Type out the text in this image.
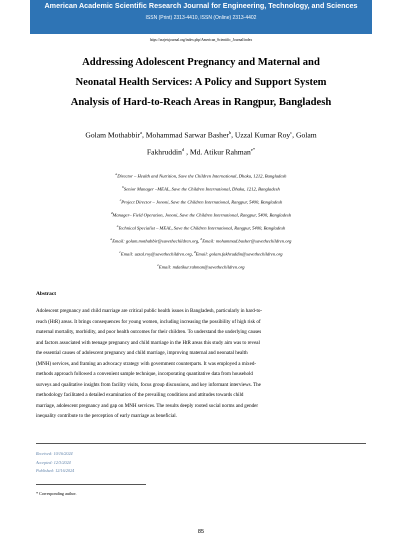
American Academic Scientific Research Journal for Engineering, Technology, and Sciences
ISSN (Print) 2313-4410, ISSN (Online) 2313-4402
https://asrjetsjournal.org/index.php/American_Scientific_Journal/index
Addressing Adolescent Pregnancy and Maternal and
Neonatal Health Services: A Policy and Support System
Analysis of Hard-to-Reach Areas in Rangpur, Bangladesh
Golam Mothabbir$^a$, Mohammad Sarwar Basher$^b$, Uzzal Kumar Roy$^c$, Golam
Fakhruddin$^d$ , Md. Atikur Rahman$^{e*}$
$^a$Director – Health and Nutrition, Save the Children International, Dhaka, 1212, Bangladesh
$^b$Senior Manager –MEAL, Save the Children International, Dhaka, 1212, Bangladesh
$^c$Project Director – Jononi, Save the Children International, Rangpur, 5400, Bangladesh
$^d$Manager– Field Operation, Jononi, Save the Children International, Rangpur, 5400, Bangladesh
$^e$Technical Specialist – MEAL, Save the Children International, Rangpur, 5400, Bangladesh
$^a$Email: golam.mothabbir@savethechildren.org, $^b$Email: mohammad.basher@savethechildren.org
$^c$Email: uzzal.roy@savethechildren.org, $^d$Email: golam.fakhruddin@savethechildren.org
$^e$Email: mdatikur.rahman@savethechildren.org
Abstract
Adolescent pregnancy and child marriage are critical public health issues in Bangladesh, particularly in hard-to-
reach (HtR) areas. It brings consequences for young women, including increasing the possibility of high risk of
maternal mortality, morbidity, and poor health outcomes for their children. To understand the underlying causes
and factors associated with teenage pregnancy and child marriage in the HtR areas this study aim was to reveal
the essential causes of adolescent pregnancy and child marriage, improving maternal and neonatal health
(MNH) services, and framing an advocacy strategy with government counterparts. It was employed a mixed-
methods approach followed a convenient sample technique, incorporating quantitative data from household
surveys and qualitative insights from facility visits, focus group discussions, and key informant interviews. The
methodology facilitated a detailed examination of the prevailing conditions and attitudes towards child
marriage, adolescent pregnancy and gap on MNH services. The results deeply rooted social norms and gender
inequality contribute to the perception of early marriage as beneficial.
Received: 10/16/2024
Accepted: 12/3/2024
Published: 12/16/2024
* Corresponding author.
85
